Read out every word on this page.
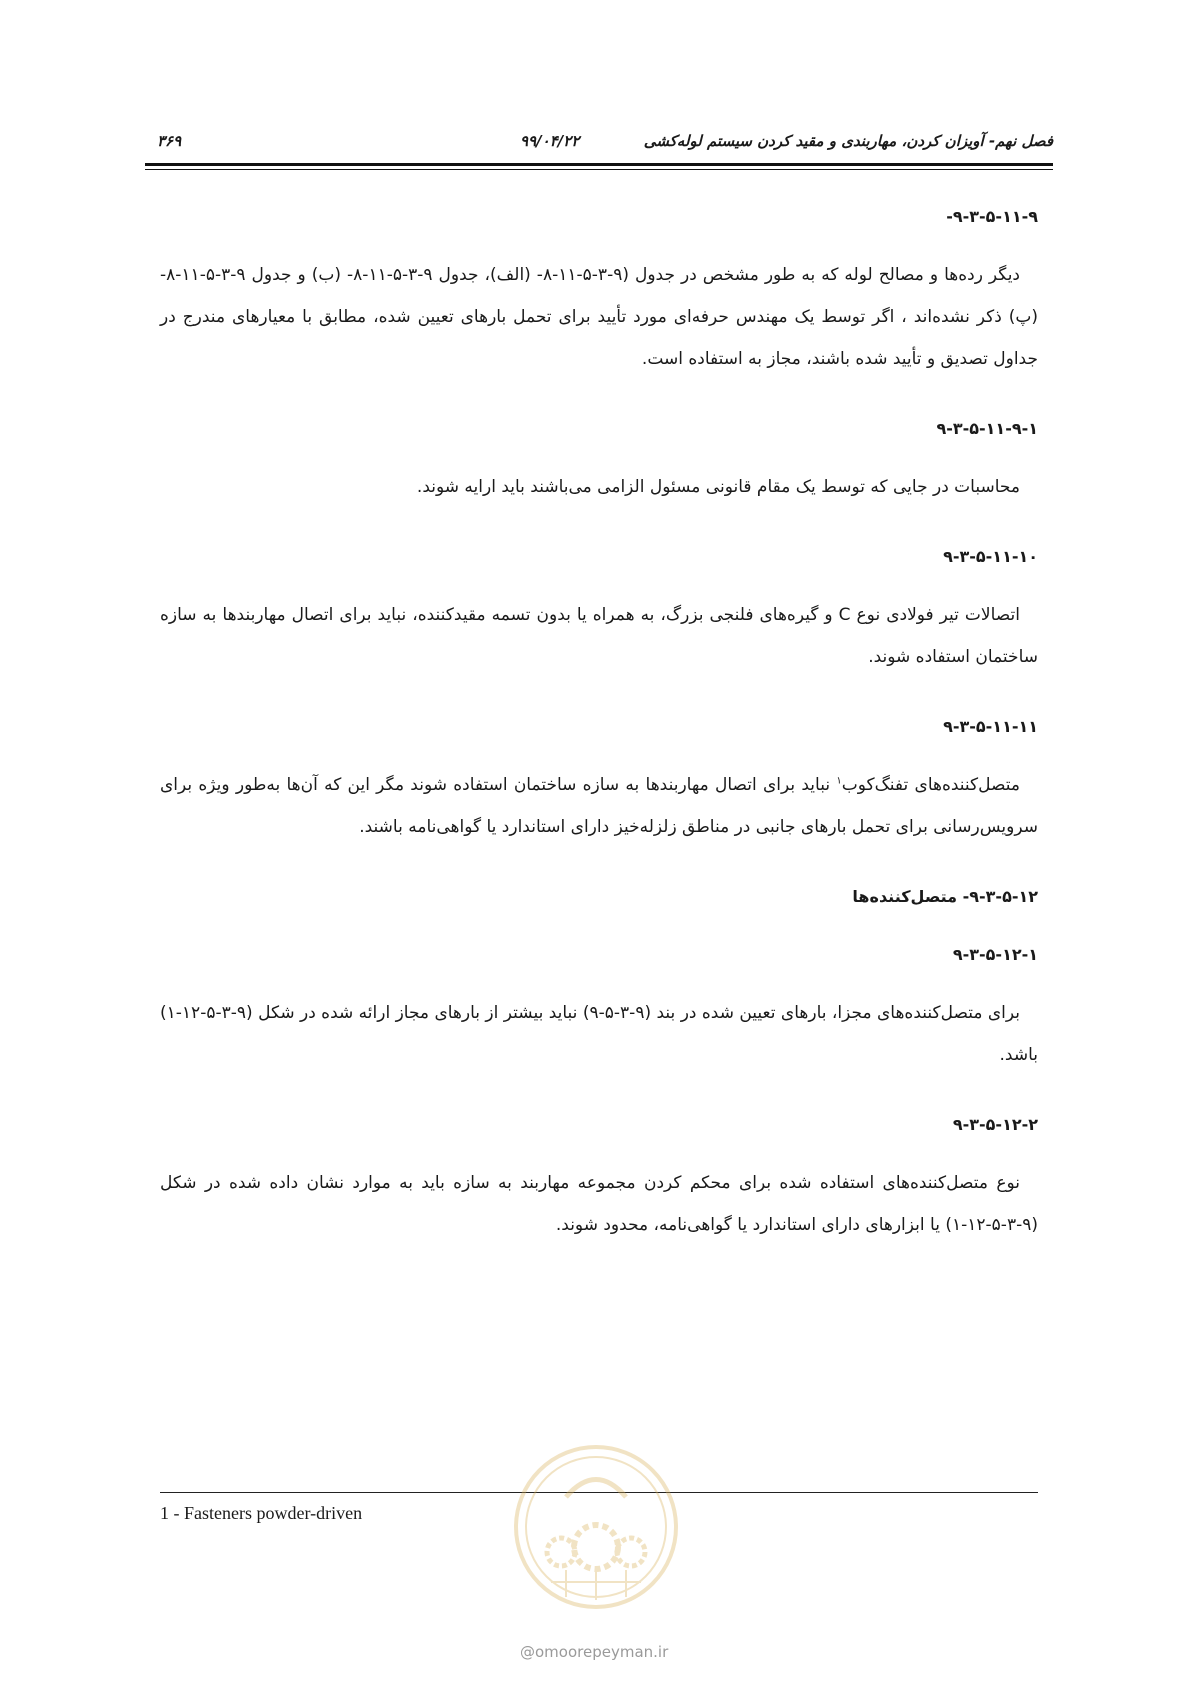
فصل نهم- آویزان کردن، مهاربندی و مقید کردن سیستم لوله‌کشی
۹۹/۰۴/۲۲
۳۶۹
۹-۳-۵-۱۱-۹-

دیگر رده‌ها و مصالح لوله که به طور مشخص در جدول (۹-۳-۵-۱۱-۸- (الف)، جدول ۹-۳-۵-۱۱-۸- (ب) و جدول ۹-۳-۵-۱۱-۸- (پ) ذکر نشده‌اند ، اگر توسط یک مهندس حرفه‌ای مورد تأیید برای تحمل بارهای تعیین شده، مطابق با معیارهای مندرج در جداول تصدیق و تأیید شده باشند، مجاز به استفاده است.

۹-۳-۵-۱۱-۹-۱

محاسبات در جایی که توسط یک مقام قانونی مسئول الزامی می‌باشند باید ارایه شوند.

۹-۳-۵-۱۱-۱۰

اتصالات تیر فولادی نوع C و گیره‌های فلنجی بزرگ، به همراه یا بدون تسمه مقیدکننده، نباید برای اتصال مهاربندها به سازه ساختمان استفاده شوند.

۹-۳-۵-۱۱-۱۱

متصل‌کننده‌های تفنگ‌کوب$^۱$ نباید برای اتصال مهاربندها به سازه ساختمان استفاده شوند مگر این که آن‌ها به‌طور ویژه برای سرویس‌رسانی برای تحمل بارهای جانبی در مناطق زلزله‌خیز دارای استاندارد یا گواهی‌نامه باشند.

۹-۳-۵-۱۲- متصل‌کننده‌ها
۹-۳-۵-۱۲-۱

برای متصل‌کننده‌های مجزا، بارهای تعیین شده در بند (۹-۳-۵-۹) نباید بیشتر از بارهای مجاز ارائه شده در شکل (۹-۳-۵-۱۲-۱) باشد.

۹-۳-۵-۱۲-۲

نوع متصل‌کننده‌های استفاده شده برای محکم کردن مجموعه مهاربند به سازه باید به موارد نشان داده شده در شکل (۹-۳-۵-۱۲-۱) یا ابزارهای دارای استاندارد یا گواهی‌نامه، محدود شوند.

1 - Fasteners powder-driven
@omoorepeyman.ir
